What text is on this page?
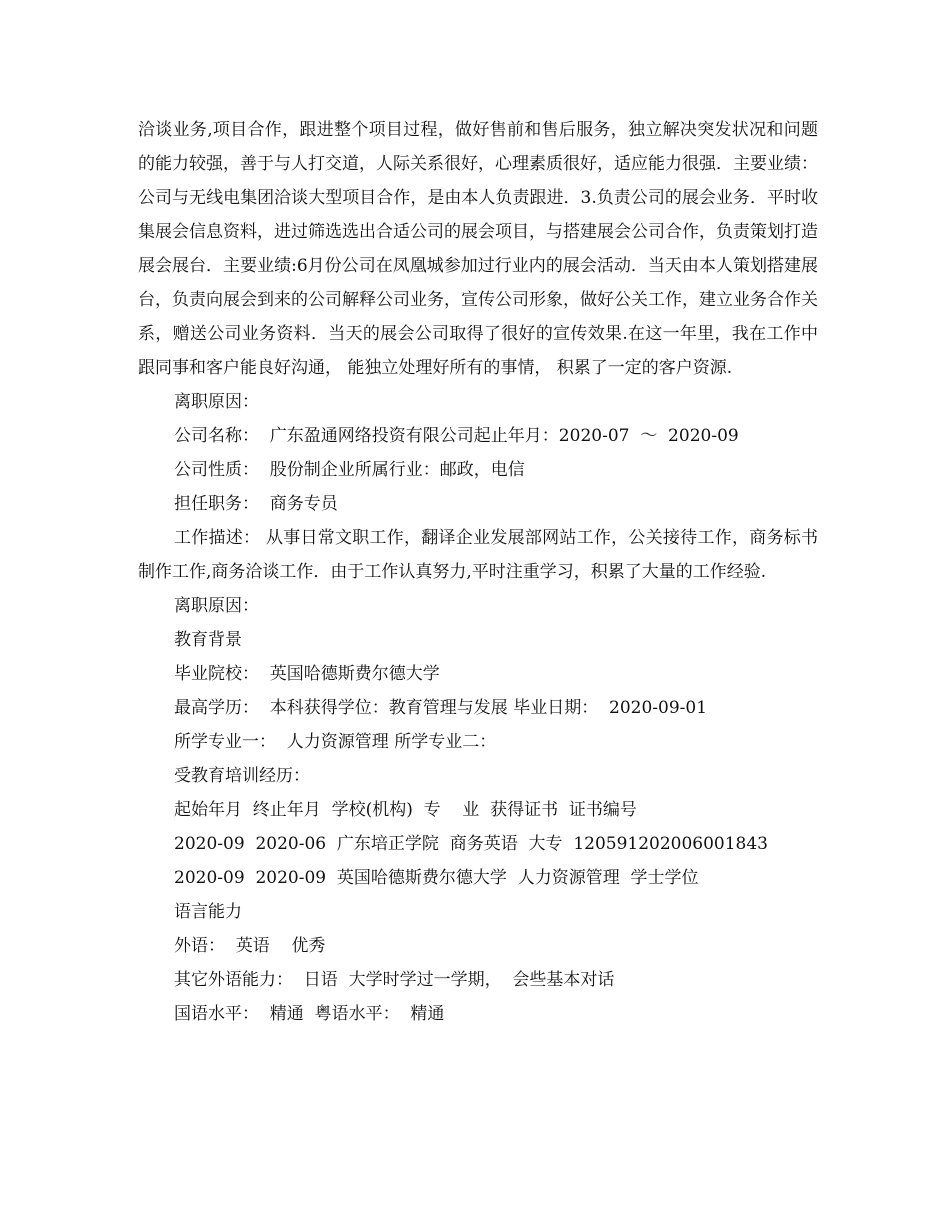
洽谈业务,项目合作，跟进整个项目过程，做好售前和售后服务，独立解决突发状况和问题的能力较强，善于与人打交道，人际关系很好，心理素质很好，适应能力很强．主要业绩：公司与无线电集团洽谈大型项目合作，是由本人负责跟进．3.负责公司的展会业务．平时收集展会信息资料，进过筛选选出合适公司的展会项目，与搭建展会公司合作，负责策划打造展会展台．主要业绩:6月份公司在凤凰城参加过行业内的展会活动．当天由本人策划搭建展台，负责向展会到来的公司解释公司业务，宣传公司形象，做好公关工作，建立业务合作关系，赠送公司业务资料．当天的展会公司取得了很好的宣传效果.在这一年里，我在工作中跟同事和客户能良好沟通， 能独立处理好所有的事情， 积累了一定的客户资源.

离职原因：

公司名称：  广东盈通网络投资有限公司起止年月：2020-07  ～  2020-09

公司性质：  股份制企业所属行业：邮政，电信

担任职务：  商务专员

工作描述： 从事日常文职工作，翻译企业发展部网站工作，公关接待工作，商务标书制作工作,商务洽谈工作．由于工作认真努力,平时注重学习，积累了大量的工作经验.

离职原因：

教育背景

毕业院校：  英国哈德斯费尔德大学

最高学历：  本科获得学位：教育管理与发展 毕业日期：  2020-09-01

所学专业一：  人力资源管理 所学专业二：

受教育培训经历：

起始年月  终止年月  学校(机构)  专    业  获得证书  证书编号

2020-09  2020-06  广东培正学院  商务英语  大专  120591202006001843

2020-09  2020-09  英国哈德斯费尔德大学  人力资源管理  学士学位

语言能力

外语：  英语    优秀

其它外语能力：  日语  大学时学过一学期，  会些基本对话

国语水平：  精通  粤语水平：  精通
